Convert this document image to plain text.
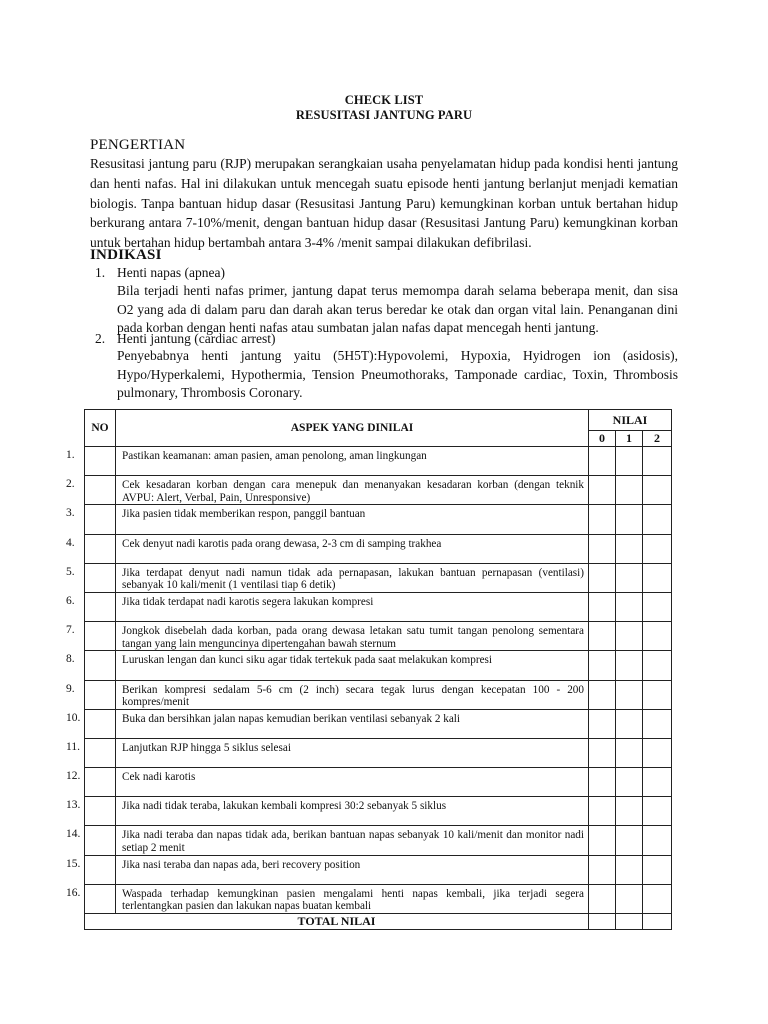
CHECK LIST
RESUSITASI JANTUNG PARU
PENGERTIAN
Resusitasi jantung paru (RJP) merupakan serangkaian usaha penyelamatan hidup pada kondisi henti jantung dan henti nafas. Hal ini dilakukan untuk mencegah suatu episode henti jantung berlanjut menjadi kematian biologis. Tanpa bantuan hidup dasar (Resusitasi Jantung Paru) kemungkinan korban untuk bertahan hidup berkurang antara 7-10%/menit, dengan bantuan hidup dasar (Resusitasi Jantung Paru) kemungkinan korban untuk bertahan hidup bertambah antara 3-4% /menit sampai dilakukan defibrilasi.
INDIKASI
1. Henti napas (apnea)
Bila terjadi henti nafas primer, jantung dapat terus memompa darah selama beberapa menit, dan sisa O2 yang ada di dalam paru dan darah akan terus beredar ke otak dan organ vital lain. Penanganan dini pada korban dengan henti nafas atau sumbatan jalan nafas dapat mencegah henti jantung.
2. Henti jantung (cardiac arrest)
Penyebabnya henti jantung yaitu (5H5T):Hypovolemi, Hypoxia, Hyidrogen ion (asidosis), Hypo/Hyperkalemi, Hypothermia, Tension Pneumothoraks, Tamponade cardiac, Toxin, Thrombosis pulmonary, Thrombosis Coronary.
NO	ASPEK YANG DINILAI	NILAI		
		0	1	2

1.	Pastikan keamanan: aman pasien, aman penolong, aman lingkungan			

2.	Cek kesadaran korban dengan cara menepuk dan menanyakan kesadaran korban (dengan teknik AVPU: Alert, Verbal, Pain, Unresponsive)			

3.	Jika pasien tidak memberikan respon, panggil bantuan			

4.	Cek denyut nadi karotis pada orang dewasa, 2-3 cm di samping trakhea			

5.	Jika terdapat denyut nadi namun tidak ada pernapasan, lakukan bantuan pernapasan (ventilasi) sebanyak 10 kali/menit (1 ventilasi tiap 6 detik)			

6.	Jika tidak terdapat nadi karotis segera lakukan kompresi			

7.	Jongkok disebelah dada korban, pada orang dewasa letakan satu tumit tangan penolong sementara tangan yang lain menguncinya dipertengahan bawah sternum			

8.	Luruskan lengan dan kunci siku agar tidak tertekuk pada saat melakukan kompresi			

9.	Berikan kompresi sedalam 5-6 cm (2 inch) secara tegak lurus dengan kecepatan 100 - 200 kompres/menit			

10.	Buka dan bersihkan jalan napas kemudian berikan ventilasi sebanyak 2 kali			

11.	Lanjutkan RJP hingga 5 siklus selesai			

12.	Cek nadi karotis			

13.	Jika nadi tidak teraba, lakukan kembali kompresi 30:2 sebanyak 5 siklus			

14.	Jika nadi teraba dan napas tidak ada, berikan bantuan napas sebanyak 10 kali/menit dan monitor nadi setiap 2 menit			

15.	Jika nasi teraba dan napas ada, beri recovery position			

16.	Waspada terhadap kemungkinan pasien mengalami henti napas kembali, jika terjadi segera terlentangkan pasien dan lakukan napas buatan kembali			

TOTAL NILAI				
